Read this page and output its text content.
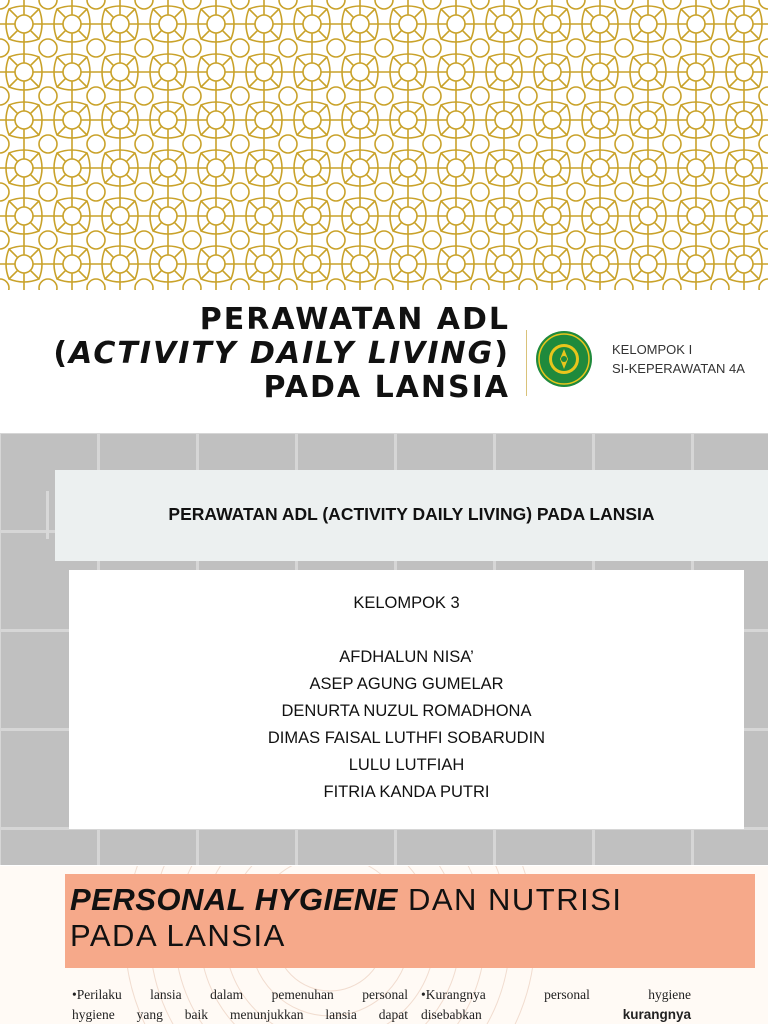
PERAWATAN ADL
(ACTIVITY DAILY LIVING)
PADA LANSIA
KELOMPOK I
SI-KEPERAWATAN 4A
PERAWATAN ADL (ACTIVITY DAILY LIVING) PADA LANSIA
KELOMPOK 3
AFDHALUN NISA’
ASEP AGUNG GUMELAR
DENURTA NUZUL ROMADHONA
DIMAS FAISAL LUTHFI SOBARUDIN
LULU LUTFIAH
FITRIA KANDA PUTRI
PERSONAL HYGIENE DAN NUTRISI
PADA LANSIA
•Perilaku lansia dalam pemenuhan personal
hygiene yang baik menunjukkan lansia dapat
•Kurangnya	personal	hygiene
disebabkan	kurangnya
